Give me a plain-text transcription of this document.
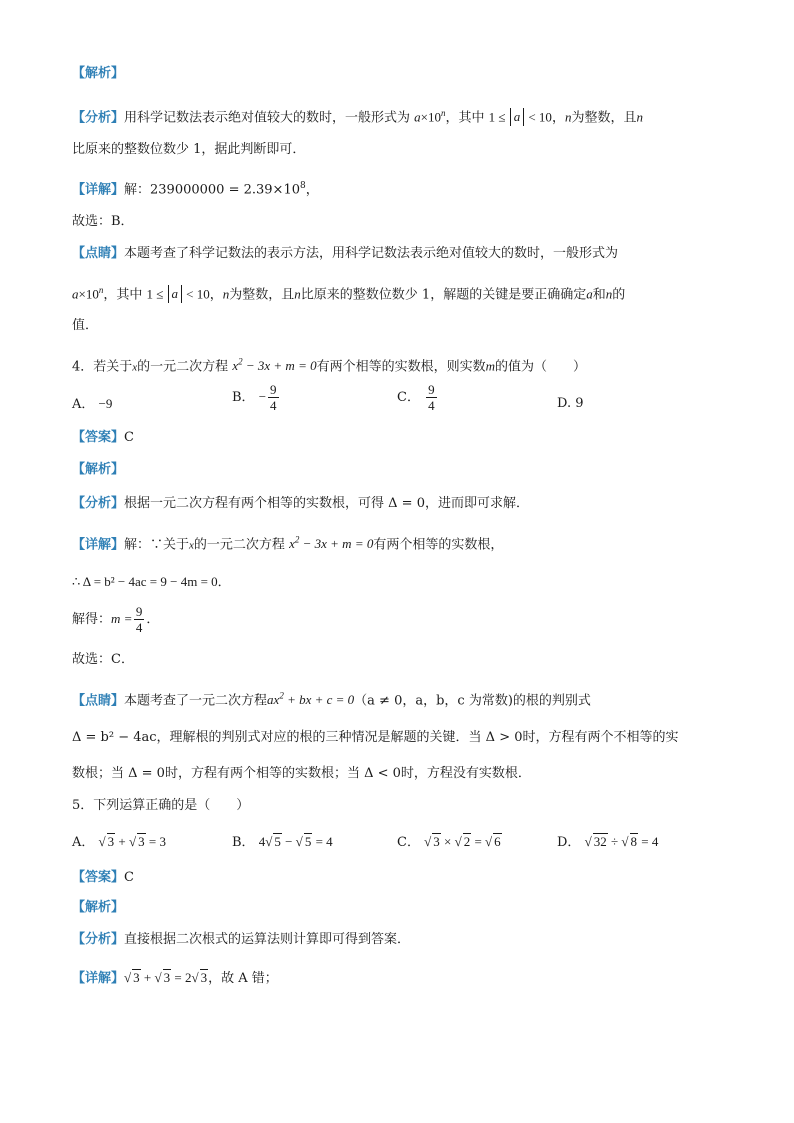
【解析】
【分析】用科学记数法表示绝对值较大的数时，一般形式为 $a\times 10^n$，其中 1 ≤ a < 10，n为整数，且n
比原来的整数位数少 1，据此判断即可．
【详解】解：$239000000 = 2.39\times 10^8$，
故选：B．
【点睛】本题考查了科学记数法的表示方法，用科学记数法表示绝对值较大的数时，一般形式为
$a\times 10^n$，其中 1 ≤ a < 10，n为整数，且n比原来的整数位数少 1，解题的关键是要正确确定a和n的
值．
4．若关于x的一元二次方程 $x^2 - 3x + m = 0$有两个相等的实数根，则实数m的值为（　　）
A． −9	B． − $\frac{9}{4}$	C． $\frac{9}{4}$	D. 9
【答案】C
【解析】
【分析】根据一元二次方程有两个相等的实数根，可得 Δ = 0，进而即可求解．
【详解】解：∵关于x的一元二次方程 $x^2 - 3x + m = 0$有两个相等的实数根，
∴ Δ = b² − 4ac = 9 − 4m = 0．
解得：$m = \frac{9}{4}$ ．
故选：C．
【点睛】本题考查了一元二次方程$ax^2$ + bx + c = 0（a ≠ 0，a，b，c 为常数)的根的判别式
Δ = b² − 4ac，理解根的判别式对应的根的三种情况是解题的关键．当 Δ > 0时，方程有两个不相等的实
数根；当 Δ = 0时，方程有两个相等的实数根；当 Δ < 0时，方程没有实数根．
5．下列运算正确的是（　　）
A． √ 3 + √ 3 = 3	B． 4√ 5 − √ 5 = 4	C． √ 3 × √ 2 = √ 6	D． √ 32 ÷ √ 8 = 4
【答案】C
【解析】
【分析】直接根据二次根式的运算法则计算即可得到答案．
【详解】√ 3 + √ 3 = 2√ 3，故 A 错；
